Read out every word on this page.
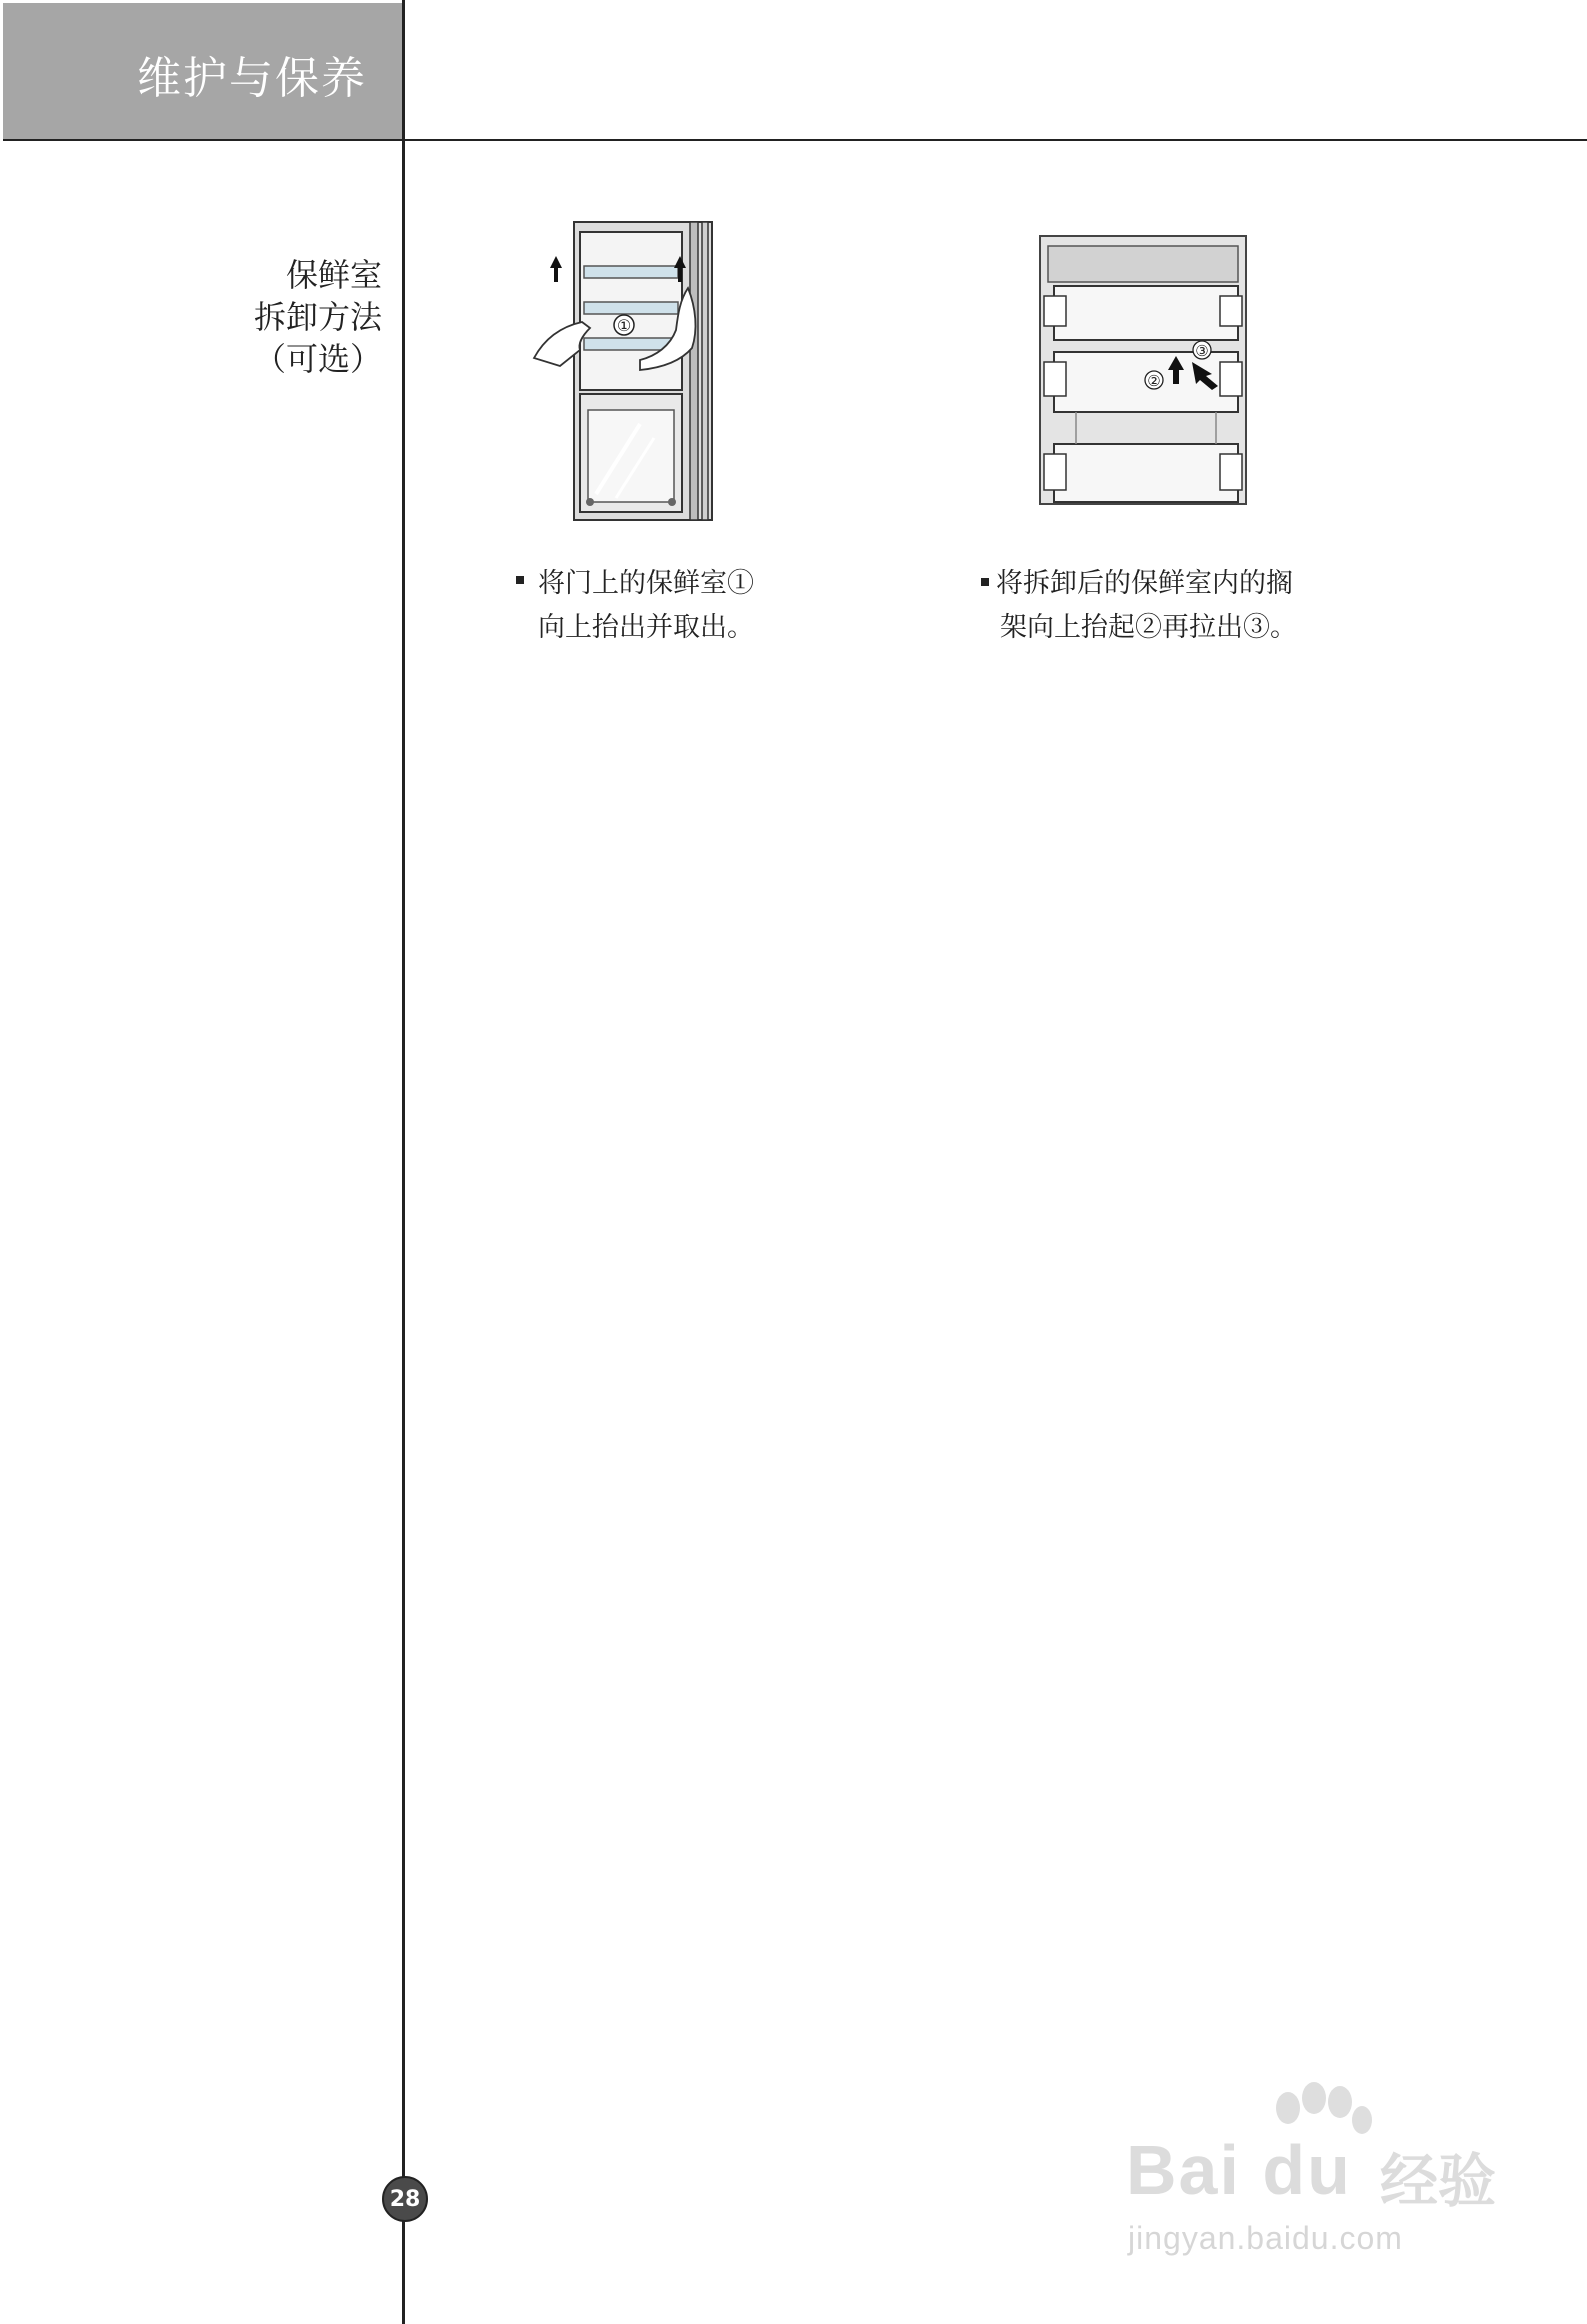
维护与保养
保鲜室
拆卸方法
（可选）
①
②
③
将门上的保鲜室①
向上抬出并取出。
将拆卸后的保鲜室内的搁
架向上抬起②再拉出③。
28	Bai du 经验
jingyan.baidu.com
